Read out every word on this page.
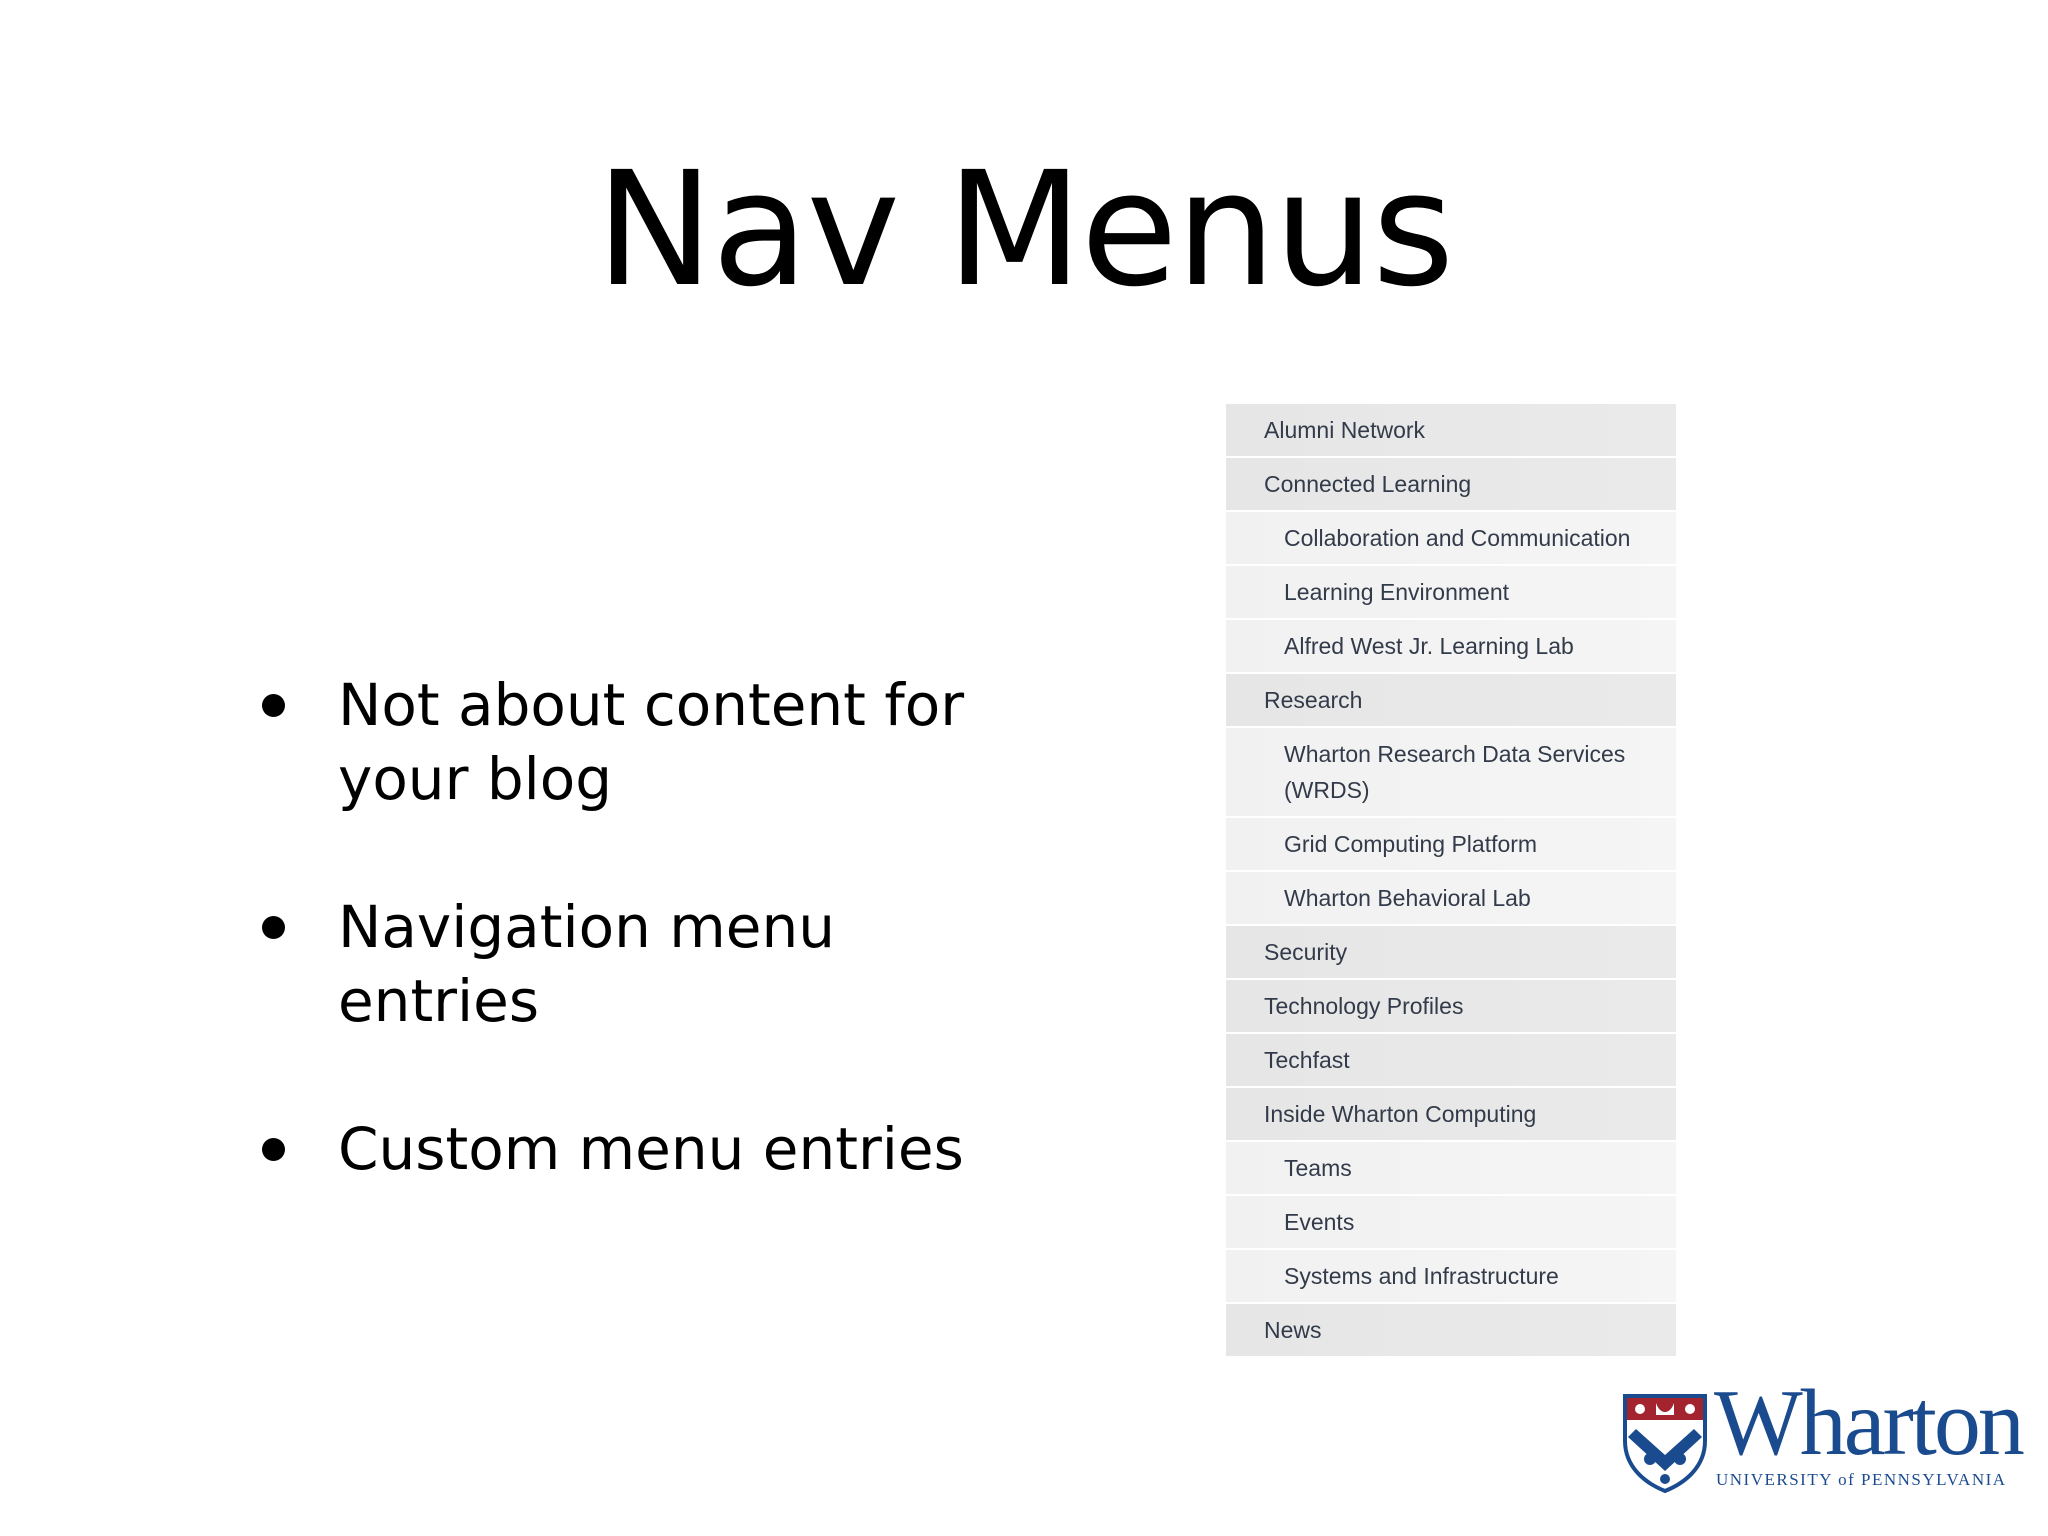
Nav Menus
Not about content for your blog
Navigation menu entries
Custom menu entries
Alumni Network
Connected Learning
Collaboration and Communication
Learning Environment
Alfred West Jr. Learning Lab
Research
Wharton Research Data Services (WRDS)
Grid Computing Platform
Wharton Behavioral Lab
Security
Technology Profiles
Techfast
Inside Wharton Computing
Teams
Events
Systems and Infrastructure
News
Wharton
UNIVERSITY of PENNSYLVANIA
